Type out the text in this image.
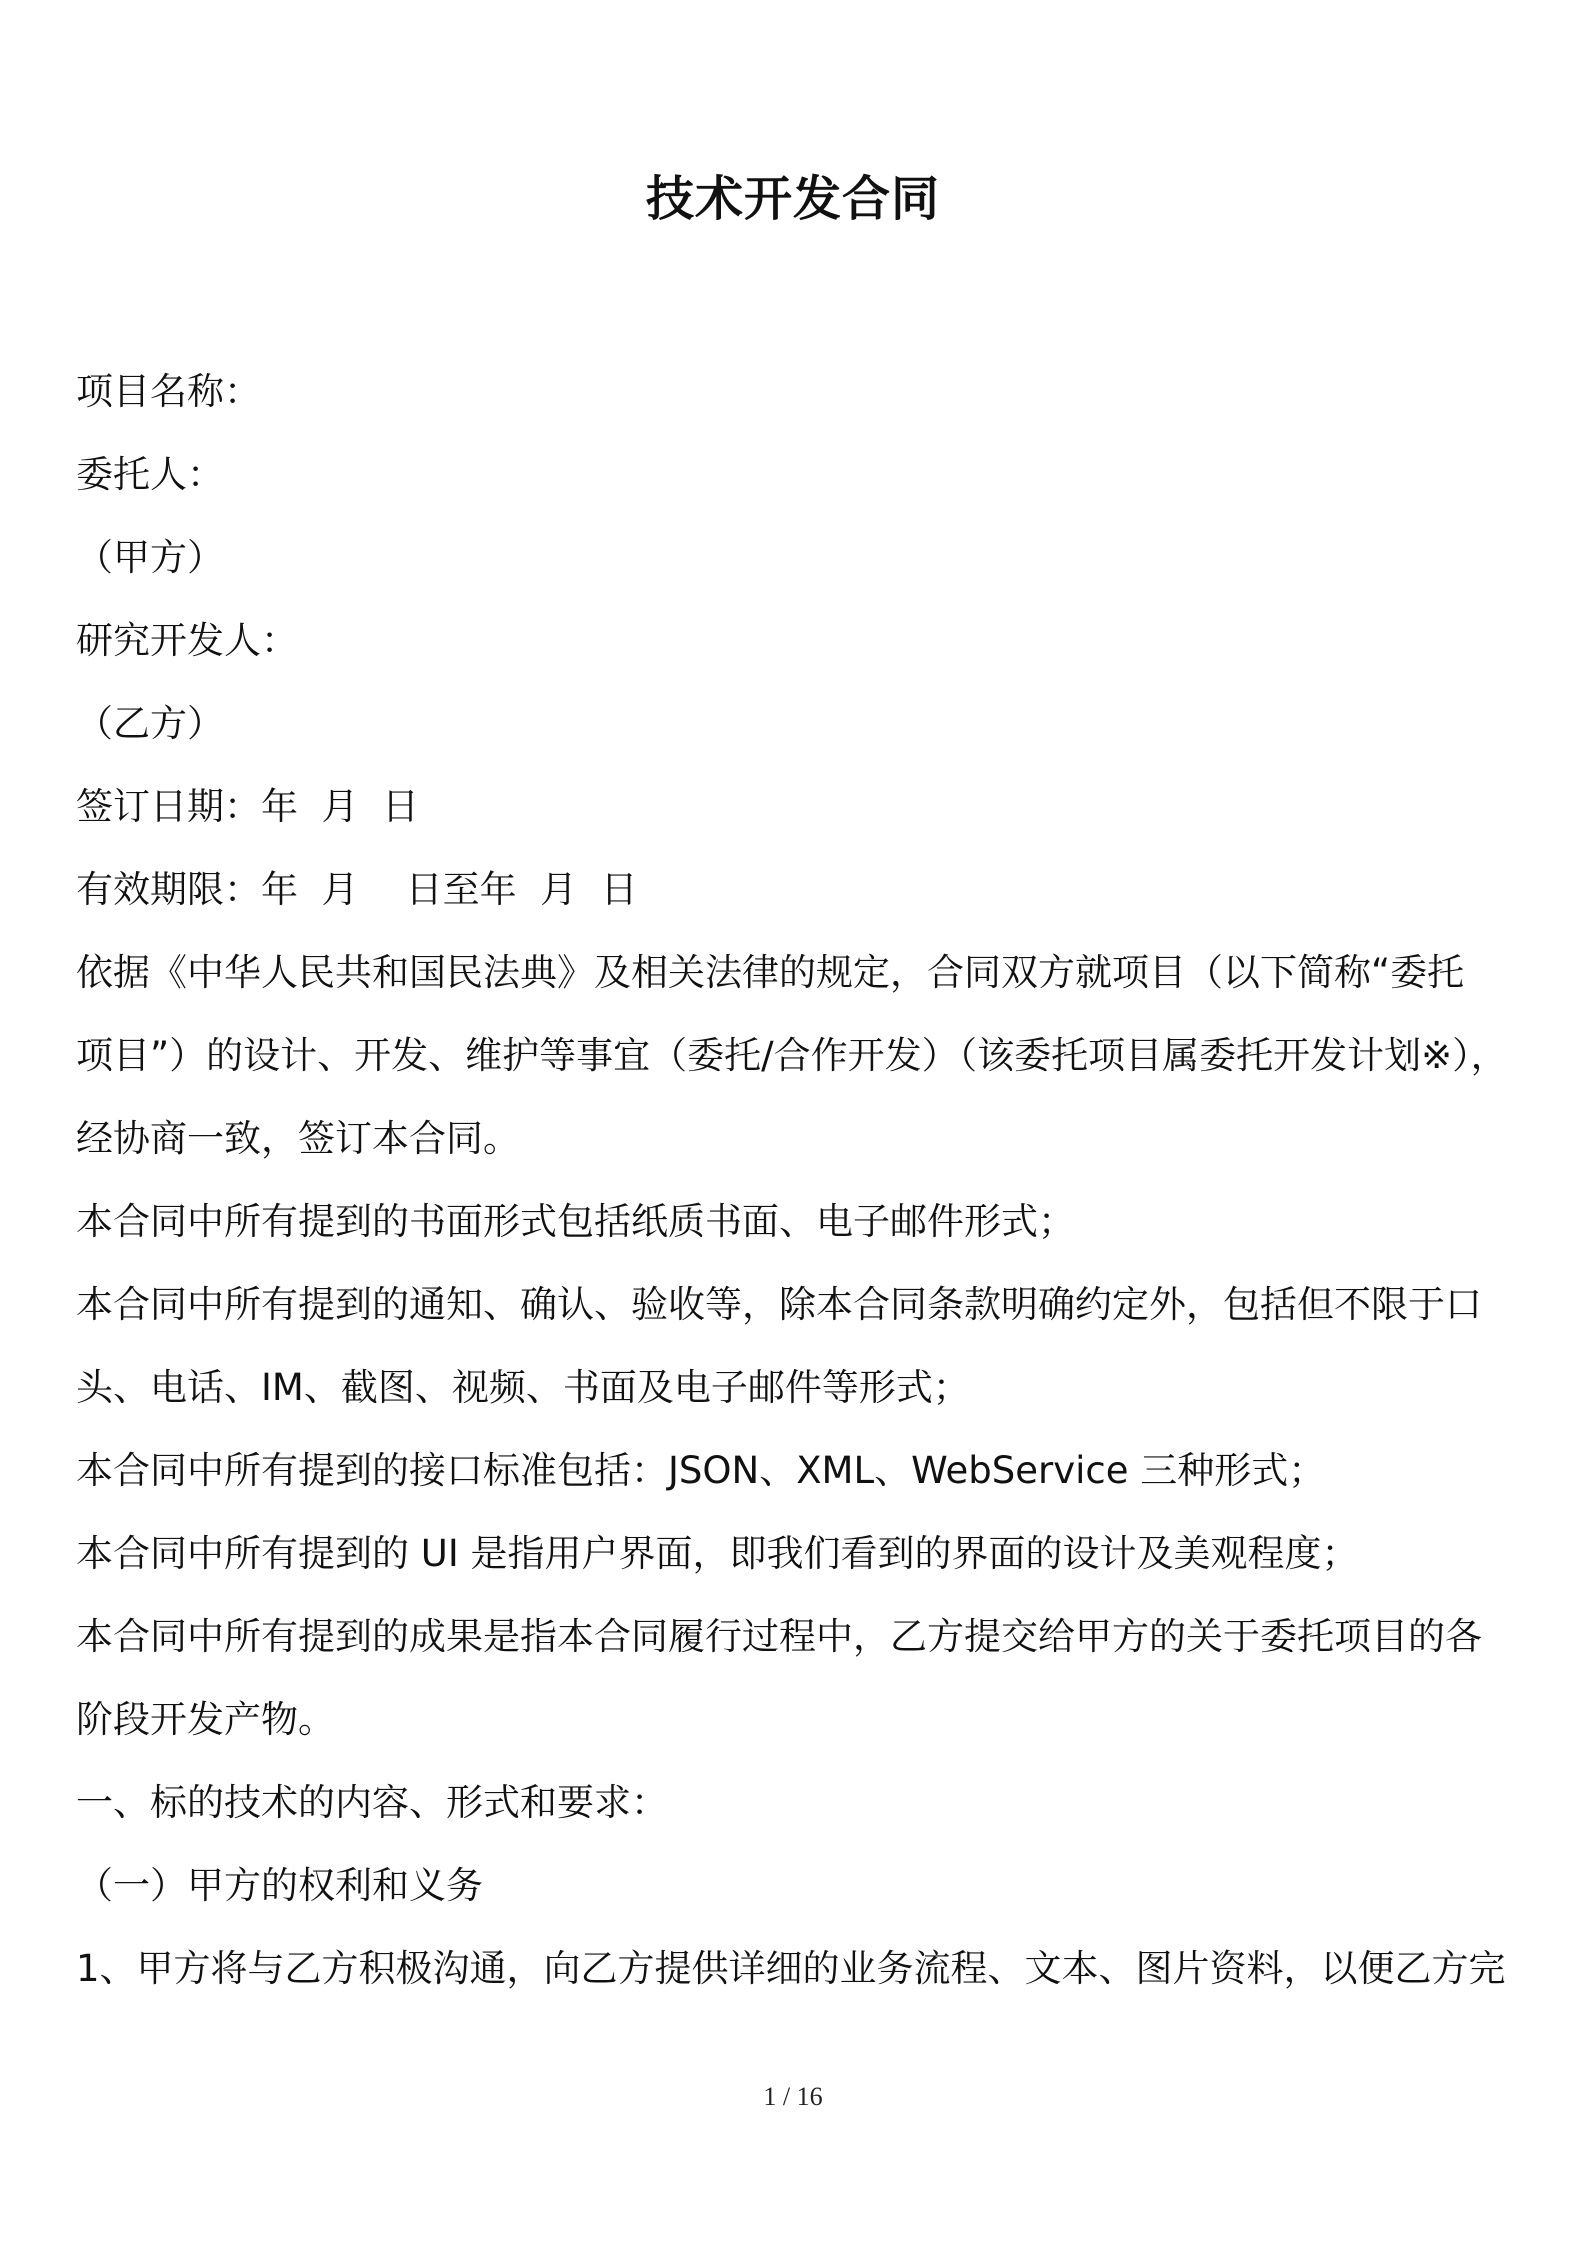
技术开发合同
项目名称：
委托人：
（甲方）
研究开发人：
（乙方）
签订日期：年  月  日
有效期限：年  月    日至年  月  日
依据《中华人民共和国民法典》及相关法律的规定，合同双方就项目（以下简称“委托
项目”）的设计、开发、维护等事宜（委托/合作开发）（该委托项目属委托开发计划※），
经协商一致，签订本合同。
本合同中所有提到的书面形式包括纸质书面、电子邮件形式；
本合同中所有提到的通知、确认、验收等，除本合同条款明确约定外，包括但不限于口
头、电话、IM、截图、视频、书面及电子邮件等形式；
本合同中所有提到的接口标准包括：JSON、XML、WebService 三种形式；
本合同中所有提到的 UI 是指用户界面，即我们看到的界面的设计及美观程度；
本合同中所有提到的成果是指本合同履行过程中，乙方提交给甲方的关于委托项目的各
阶段开发产物。
一、标的技术的内容、形式和要求：
（一）甲方的权利和义务
1、甲方将与乙方积极沟通，向乙方提供详细的业务流程、文本、图片资料，以便乙方完
1 / 16
